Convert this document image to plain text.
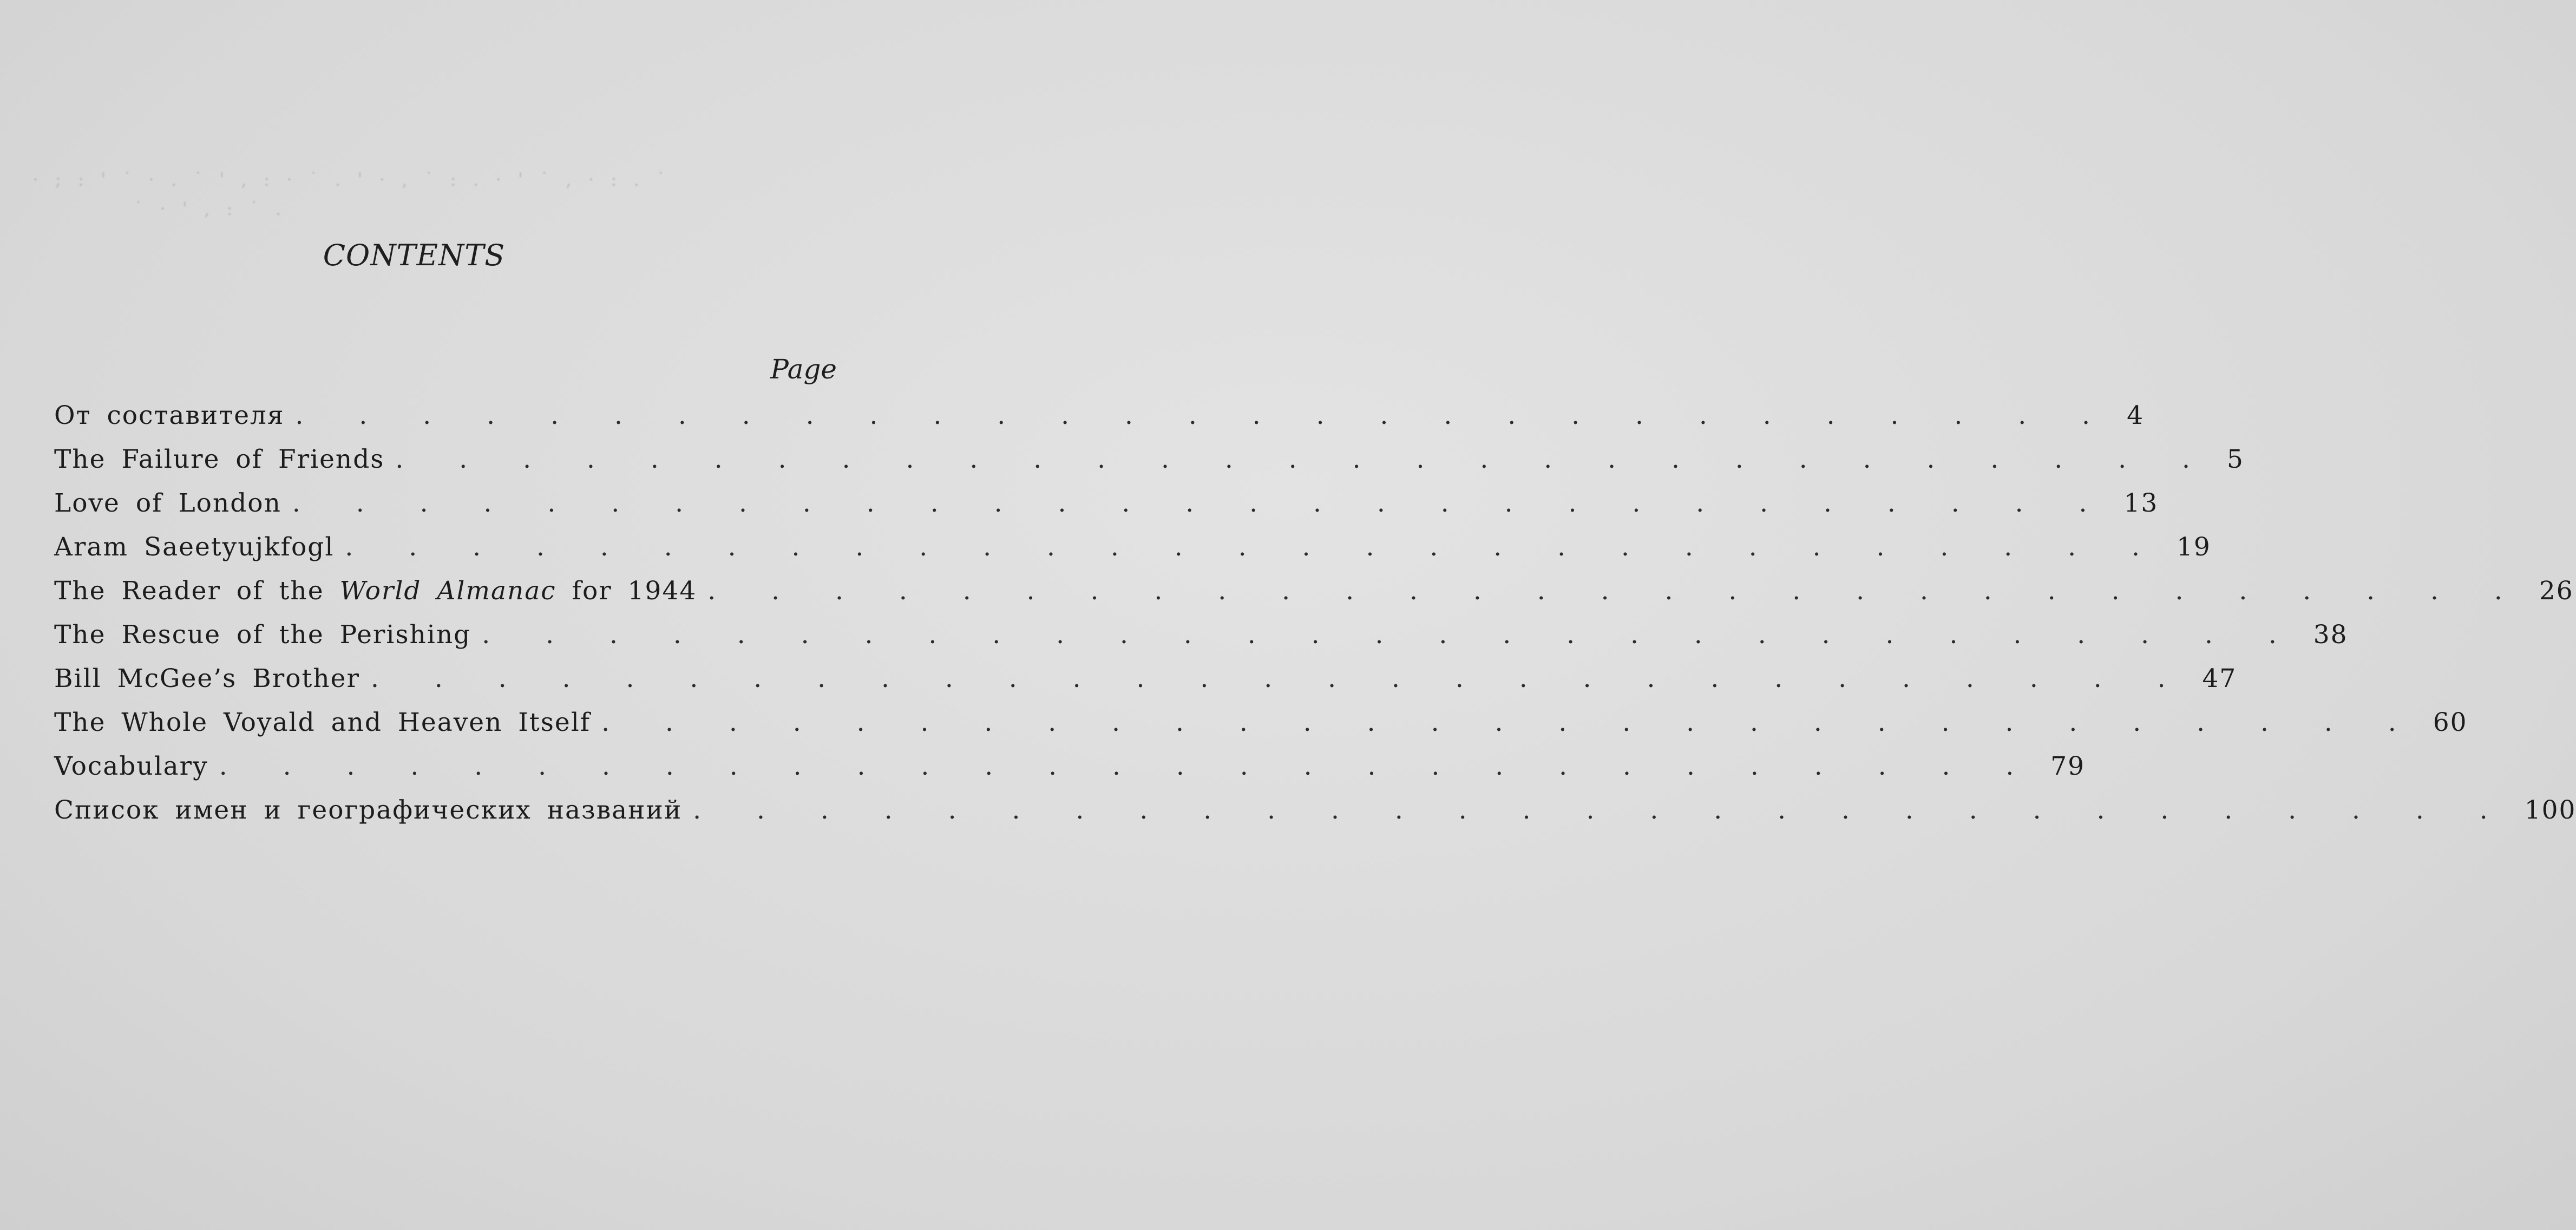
· ; : ' ˙ · . ˙ ' , : · ˙ . ' · , ˙ : . · ' ˙ , · : . ˙
˙ · ' , : ˙ .
CONTENTS
Page
От составителя . . . . . . . . . . . . . . . . . . . . . . . . . . . . . 4
The Failure of Friends . . . . . . . . . . . . . . . . . . . . . . . . . . . . . 5
Love of London . . . . . . . . . . . . . . . . . . . . . . . . . . . . . 13
Aram Saeetyujkfogl . . . . . . . . . . . . . . . . . . . . . . . . . . . . . 19
The Reader of the World Almanac for 1944 . . . . . . . . . . . . . . . . . . . . . . . . . . . . . 26
The Rescue of the Perishing . . . . . . . . . . . . . . . . . . . . . . . . . . . . . 38
Bill McGee’s Brother . . . . . . . . . . . . . . . . . . . . . . . . . . . . . 47
The Whole Voyald and Heaven Itself . . . . . . . . . . . . . . . . . . . . . . . . . . . . . 60
Vocabulary . . . . . . . . . . . . . . . . . . . . . . . . . . . . . 79
Список имен и географических названий . . . . . . . . . . . . . . . . . . . . . . . . . . . . . 100
